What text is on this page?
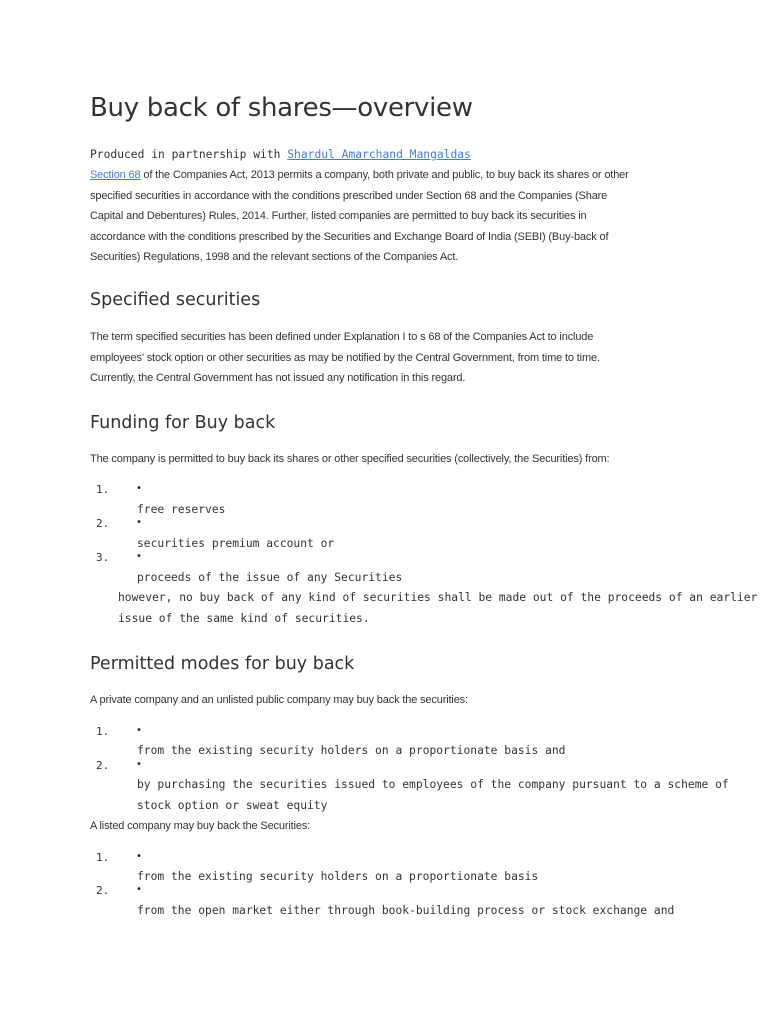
Buy back of shares—overview
Produced in partnership with Shardul Amarchand Mangaldas
Section 68 of the Companies Act, 2013 permits a company, both private and public, to buy back its shares or other
specified securities in accordance with the conditions prescribed under Section 68 and the Companies (Share
Capital and Debentures) Rules, 2014. Further, listed companies are permitted to buy back its securities in
accordance with the conditions prescribed by the Securities and Exchange Board of India (SEBI) (Buy-back of
Securities) Regulations, 1998 and the relevant sections of the Companies Act.
Specified securities
The term specified securities has been defined under Explanation I to s 68 of the Companies Act to include
employees' stock option or other securities as may be notified by the Central Government, from time to time.
Currently, the Central Government has not issued any notification in this regard.
Funding for Buy back
The company is permitted to buy back its shares or other specified securities (collectively, the Securities) from:
1.	•
free reserves
2.	•
securities premium account or
3.	•
proceeds of the issue of any Securities
however, no buy back of any kind of securities shall be made out of the proceeds of an earlier
issue of the same kind of securities.
Permitted modes for buy back
A private company and an unlisted public company may buy back the securities:
1.	•
from the existing security holders on a proportionate basis and
2.	•
by purchasing the securities issued to employees of the company pursuant to a scheme of
stock option or sweat equity
A listed company may buy back the Securities:
1.	•
from the existing security holders on a proportionate basis
2.	•
from the open market either through book-building process or stock exchange and
